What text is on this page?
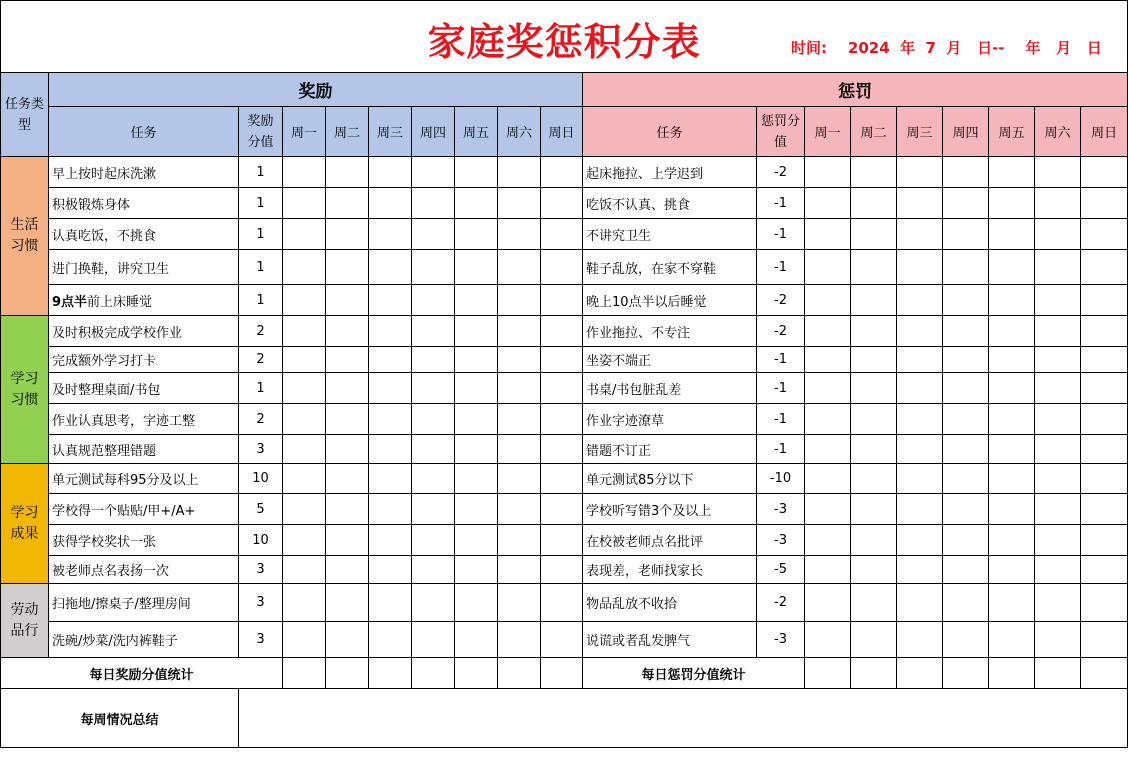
家庭奖惩积分表 时间:    2024  年  7  月   日--    年   月   日																		

任务类型	奖励									惩罚								
	任务	奖励分值	周一	周二	周三	周四	周五	周六	周日	任务	惩罚分值	周一	周二	周三	周四	周五	周六	周日
生活习惯	早上按时起床洗漱	1								起床拖拉、上学迟到	-2							
	积极锻炼身体	1								吃饭不认真、挑食	-1							
	认真吃饭，不挑食	1								不讲究卫生	-1							
	进门换鞋，讲究卫生	1								鞋子乱放，在家不穿鞋	-1							
	9点半前上床睡觉	1								晚上10点半以后睡觉	-2							
学习习惯	及时积极完成学校作业	2								作业拖拉、不专注	-2							
	完成额外学习打卡	2								坐姿不端正	-1							
	及时整理桌面/书包	1								书桌/书包脏乱差	-1							
	作业认真思考，字迹工整	2								作业字迹潦草	-1							
	认真规范整理错题	3								错题不订正	-1							
学习成果	单元测试每科95分及以上	10								单元测试85分以下	-10							
	学校得一个贴贴/甲+/A+	5								学校听写错3个及以上	-3							
	获得学校奖状一张	10								在校被老师点名批评	-3							
	被老师点名表扬一次	3								表现差，老师找家长	-5							
劳动品行	扫拖地/擦桌子/整理房间	3								物品乱放不收拾	-2							
	洗碗/炒菜/洗内裤鞋子	3								说谎或者乱发脾气	-3							
每日奖励分值统计										每日惩罚分值统计								
每周情况总结																		
